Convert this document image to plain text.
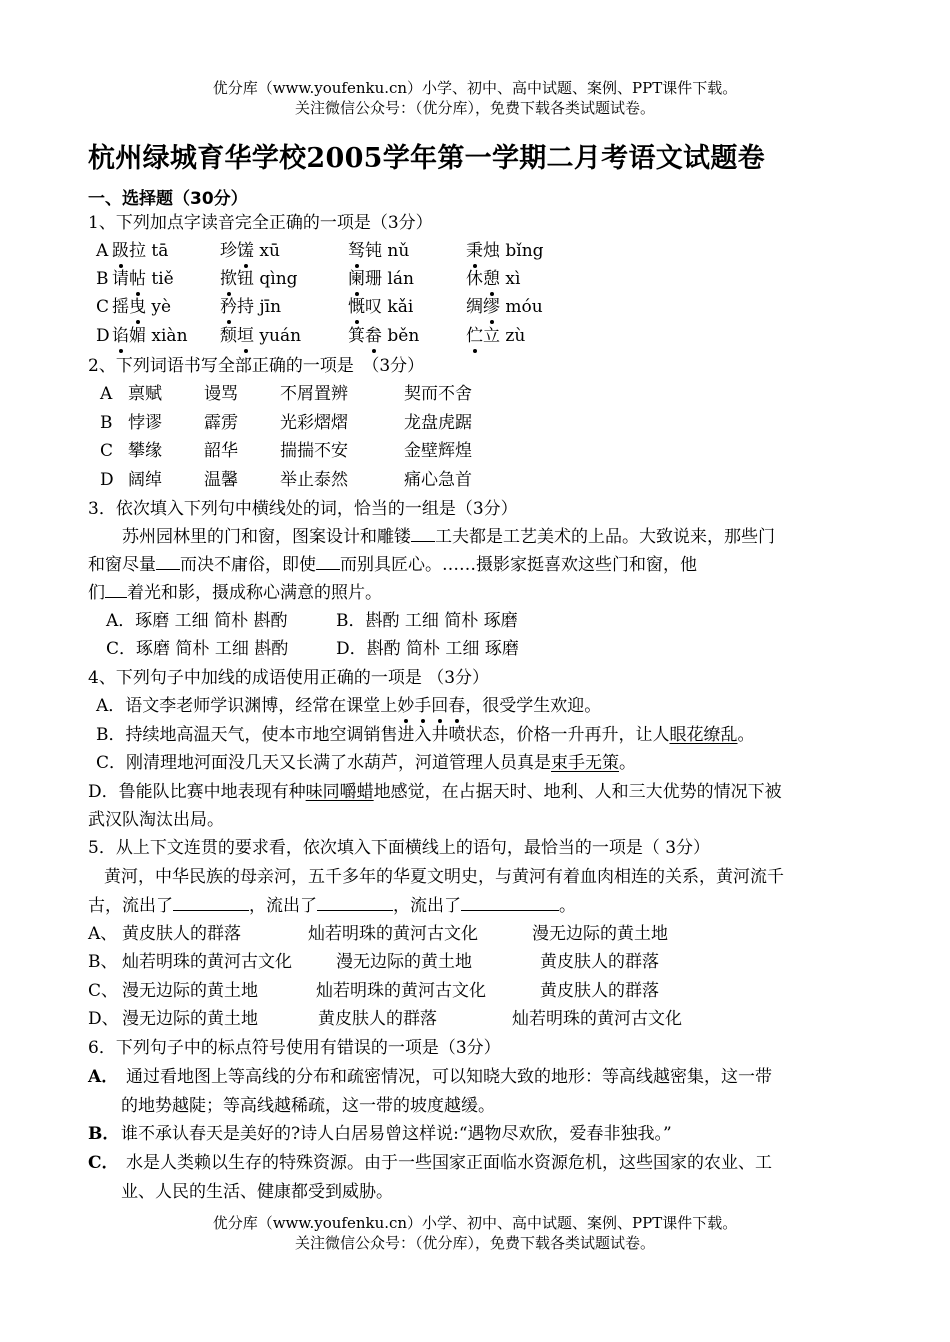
优分库（www.youfenku.cn）小学、初中、高中试题、案例、PPT课件下载。
关注微信公众号：（优分库），免费下载各类试题试卷。
杭州绿城育华学校2005学年第一学期二月考语文试题卷
一、选择题（30分）
1、下列加点字读音完全正确的一项是（3分）
A 趿拉 tā	珍馐 xū	驽钝 nǔ	秉烛 bǐng
B 请帖 tiě	揿钮 qìng	阑珊 lán	休憩 xì
C 摇曳 yè	矜持 jīn	慨叹 kǎi	绸缪 móu
D 谄媚 xiàn 颓垣 yuán	箕畚 běn	伫立 zù
2、下列词语书写全部正确的一项是　（3分）
A 禀赋 谩骂 不屑置辨	契而不舍
B 悖谬 霹雳 光彩熠熠	龙盘虎踞
C 攀缘 韶华 揣揣不安	金壁辉煌
D 阔绰 温馨 举止泰然	痛心急首
3．依次填入下列句中横线处的词，恰当的一组是（3分）
苏州园林里的门和窗，图案设计和雕镂 工夫都是工艺美术的上品。大致说来，那些门
和窗尽量 而决不庸俗，即使 而别具匠心。……摄影家挺喜欢这些门和窗，他
们 着光和影，摄成称心满意的照片。
A．琢磨 工细 简朴 斟酌	B．斟酌 工细 简朴 琢磨
C．琢磨 简朴 工细 斟酌	D．斟酌 简朴 工细 琢磨
4、下列句子中加线的成语使用正确的一项是 （3分）
A．语文李老师学识渊博，经常在课堂上妙手回春，很受学生欢迎。
B．持续地高温天气，使本市地空调销售进入井喷状态，价格一升再升，让人眼花缭乱。
C．刚清理地河面没几天又长满了水葫芦，河道管理人员真是束手无策。
D．鲁能队比赛中地表现有种味同嚼蜡地感觉，在占据天时、地利、人和三大优势的情况下被
武汉队淘汰出局。
5．从上下文连贯的要求看，依次填入下面横线上的语句，最恰当的一项是（ 3分）
黄河，中华民族的母亲河，五千多年的华夏文明史，与黄河有着血肉相连的关系，黄河流千
古，流出了	，流出了	，流出了	。
A、 黄皮肤人的群落	灿若明珠的黄河古文化	漫无边际的黄土地
B、 灿若明珠的黄河古文化	漫无边际的黄土地	黄皮肤人的群落
C、 漫无边际的黄土地	灿若明珠的黄河古文化	黄皮肤人的群落
D、 漫无边际的黄土地	黄皮肤人的群落	灿若明珠的黄河古文化
6．下列句子中的标点符号使用有错误的一项是（3分）
A． 通过看地图上等高线的分布和疏密情况，可以知晓大致的地形：等高线越密集，这一带
的地势越陡；等高线越稀疏，这一带的坡度越缓。
B． 谁不承认春天是美好的?诗人白居易曾这样说:“遇物尽欢欣，爱春非独我。”
C． 水是人类赖以生存的特殊资源。由于一些国家正面临水资源危机，这些国家的农业、工
业、人民的生活、健康都受到威胁。
优分库（www.youfenku.cn）小学、初中、高中试题、案例、PPT课件下载。
关注微信公众号：（优分库），免费下载各类试题试卷。
